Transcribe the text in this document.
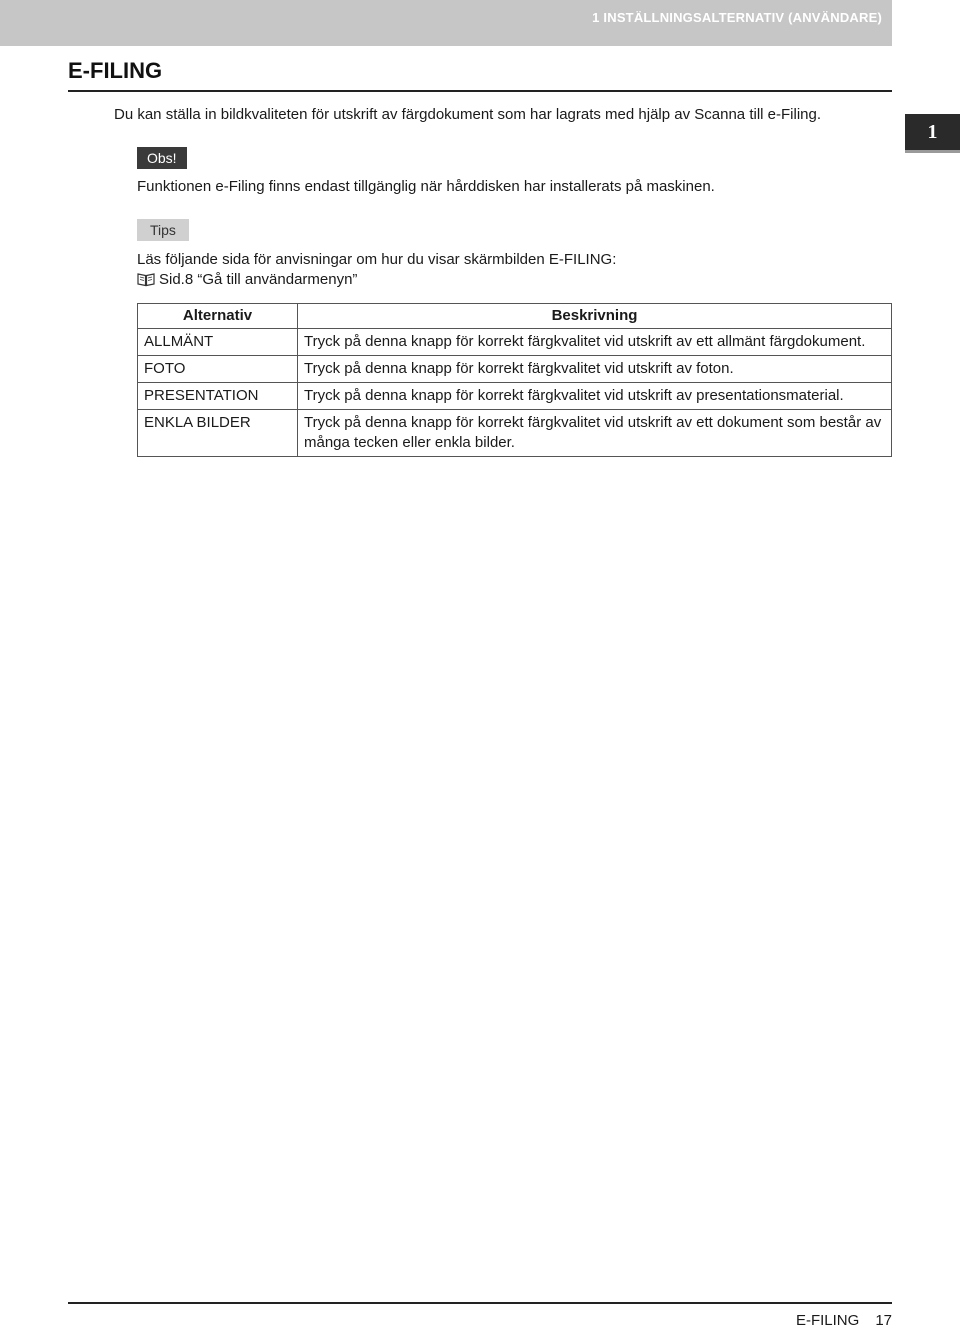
1 INSTÄLLNINGSALTERNATIV (ANVÄNDARE)
1
E-FILING
Du kan ställa in bildkvaliteten för utskrift av färgdokument som har lagrats med hjälp av Scanna till e-Filing.
Obs!
Funktionen e-Filing finns endast tillgänglig när hårddisken har installerats på maskinen.
Tips
Läs följande sida för anvisningar om hur du visar skärmbilden E-FILING:
Sid.8 “Gå till användarmenyn”
Alternativ	Beskrivning
ALLMÄNT	Tryck på denna knapp för korrekt färgkvalitet vid utskrift av ett allmänt färgdokument.
FOTO	Tryck på denna knapp för korrekt färgkvalitet vid utskrift av foton.
PRESENTATION	Tryck på denna knapp för korrekt färgkvalitet vid utskrift av presentationsmaterial.
ENKLA BILDER	Tryck på denna knapp för korrekt färgkvalitet vid utskrift av ett dokument som består av många tecken eller enkla bilder.
E-FILING 17
